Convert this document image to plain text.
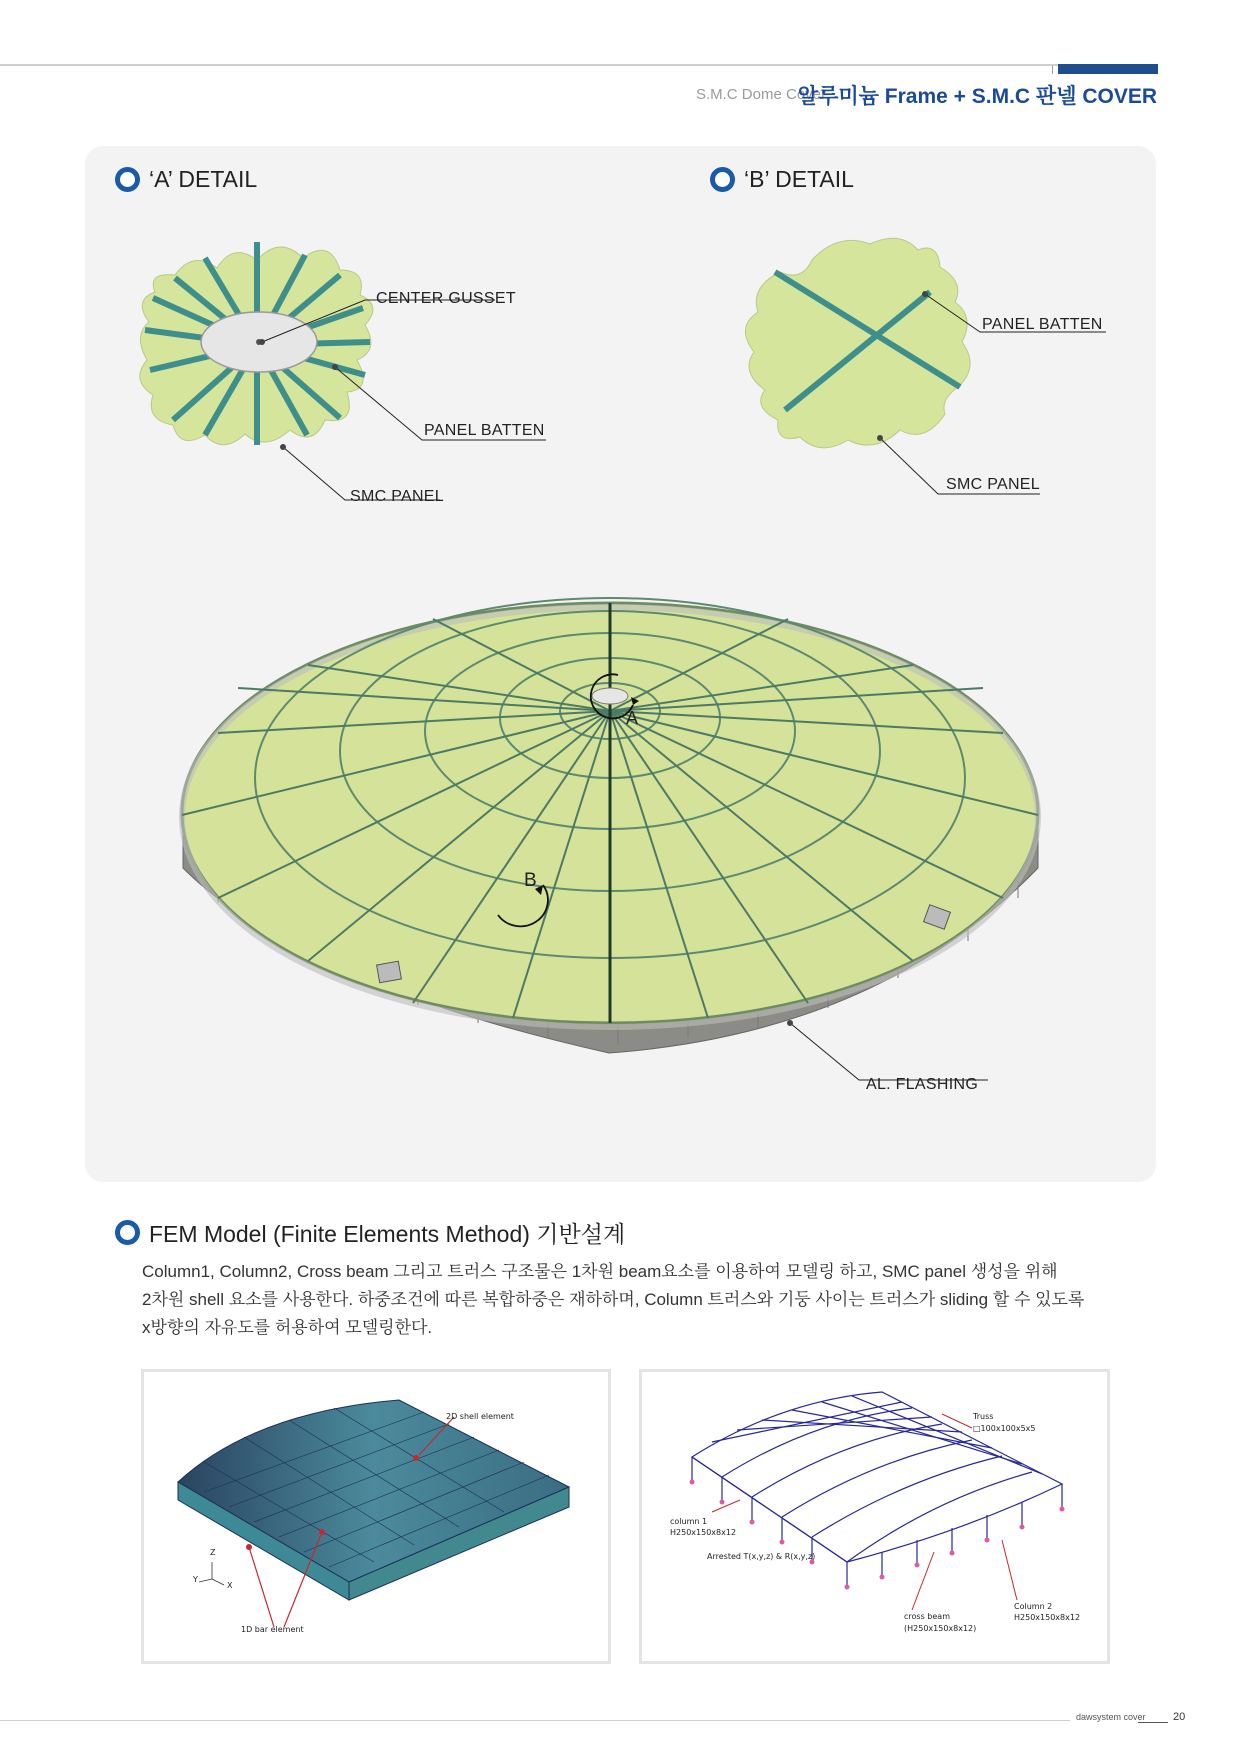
S.M.C Dome Cover
알루미늄 Frame + S.M.C 판넬 COVER
‘A’ DETAIL	‘B’ DETAIL
CENTER GUSSET
PANEL BATTEN
SMC PANEL
PANEL BATTEN
SMC PANEL
A
B
AL. FLASHING
FEM Model (Finite Elements Method) 기반설계

Column1, Column2, Cross beam 그리고 트러스 구조물은 1차원 beam요소를 이용하여 모델링 하고, SMC panel 생성을 위해

2차원 shell 요소를 사용한다. 하중조건에 따른 복합하중은 재하하며, Column 트러스와 기둥 사이는 트러스가 sliding 할 수 있도록

x방향의 자유도를 허용하여 모델링한다.

2D shell element
1D bar element
Z
Y
X
Truss
□100x100x5x5
column 1
H250x150x8x12
Arrested T(x,y,z) & R(x,y,z)
cross beam
(H250x150x8x12)
Column 2
H250x150x8x12
dawsystem cover 20
